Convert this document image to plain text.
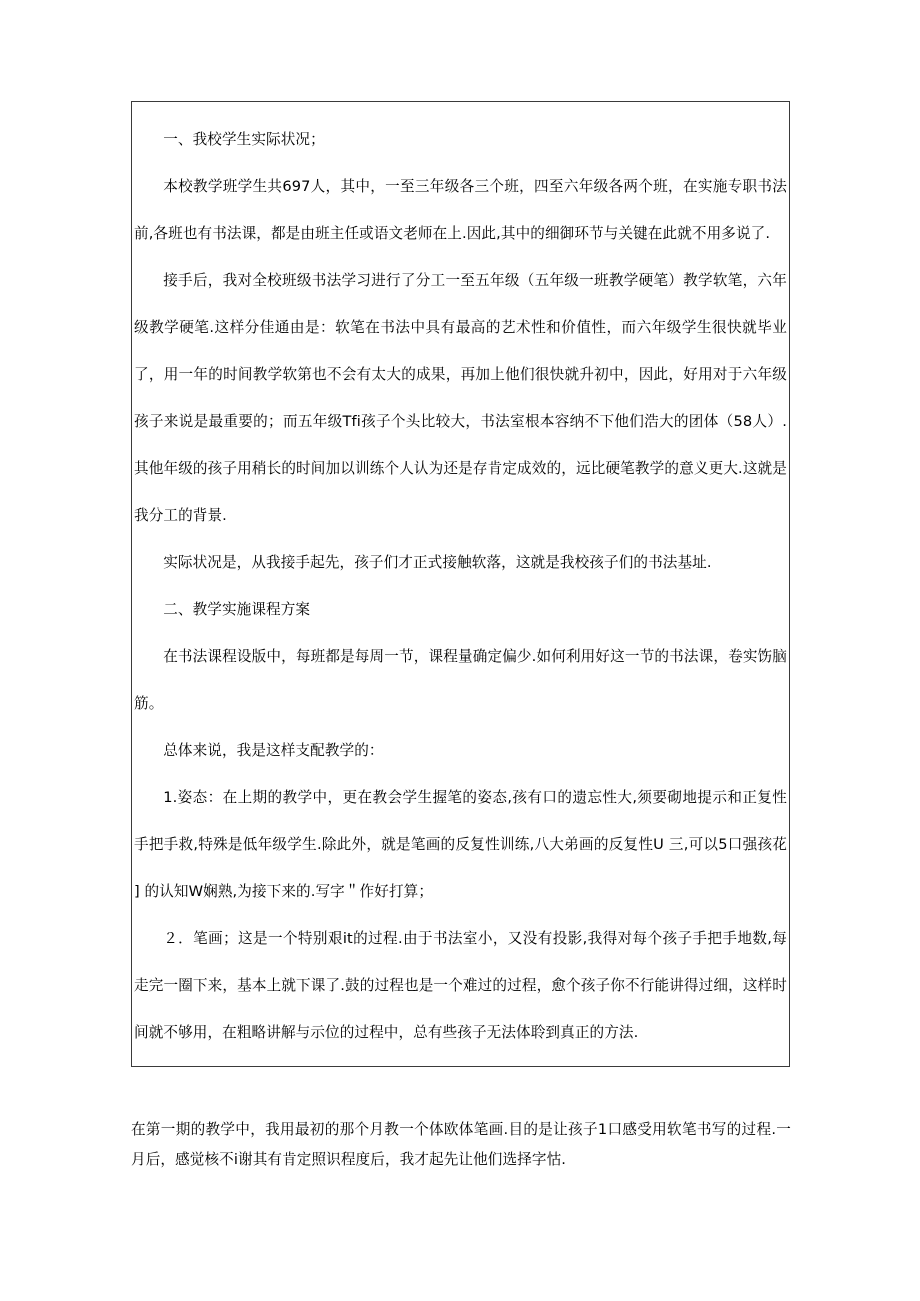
一、我校学生实际状况；

本校教学班学生共697人，其中，一至三年级各三个班，四至六年级各两个班，在实施专职书法前,各班也有书法课，都是由班主任或语文老师在上.因此,其中的细御环节与关键在此就不用多说了.

接手后，我对全校班级书法学习进行了分工一至五年级（五年级一班教学硬笔）教学软笔，六年级教学硬笔.这样分佳通由是：软笔在书法中具有最高的艺术性和价值性，而六年级学生很快就毕业了，用一年的时间教学软第也不会有太大的成果，再加上他们很快就升初中，因此，好用对于六年级孩子来说是最重要的；而五年级Tfi孩子个头比较大，书法室根本容纳不下他们浩大的团体（58人）.其他年级的孩子用稍长的时间加以训练个人认为还是存肯定成效的，远比硬笔教学的意义更大.这就是我分工的背景.

实际状况是，从我接手起先，孩子们才正式接触软落，这就是我校孩子们的书法基址.

二、教学实施课程方案

在书法课程设版中，每班都是每周一节，课程量确定偏少.如何利用好这一节的书法课，卷实饬脑筋。

总体来说，我是这样支配教学的：

1.姿态：在上期的教学中，更在教会学生握笔的姿态,孩有口的遗忘性大,须要砌地提示和正复性手把手救,特殊是低年级学生.除此外，就是笔画的反复性训练,八大弟画的反复性U 三,可以5口强孩花 ] 的认知W娴熟,为接下来的.写字＂作好打算；

２．笔画；这是一个特别艰it的过程.由于书法室小，又没有投影,我得对每个孩子手把手地数,每走完一圈下来，基本上就下课了.鼓的过程也是一个难过的过程，愈个孩子你不行能讲得过细，这样时间就不够用，在粗略讲解与示位的过程中，总有些孩子无法体聆到真正的方法.

在第一期的教学中，我用最初的那个月教一个体欧体笔画.目的是让孩子1口感受用软笔书写的过程.一月后，感觉核不i谢其有肯定照识程度后，我才起先让他们选择字怙.
